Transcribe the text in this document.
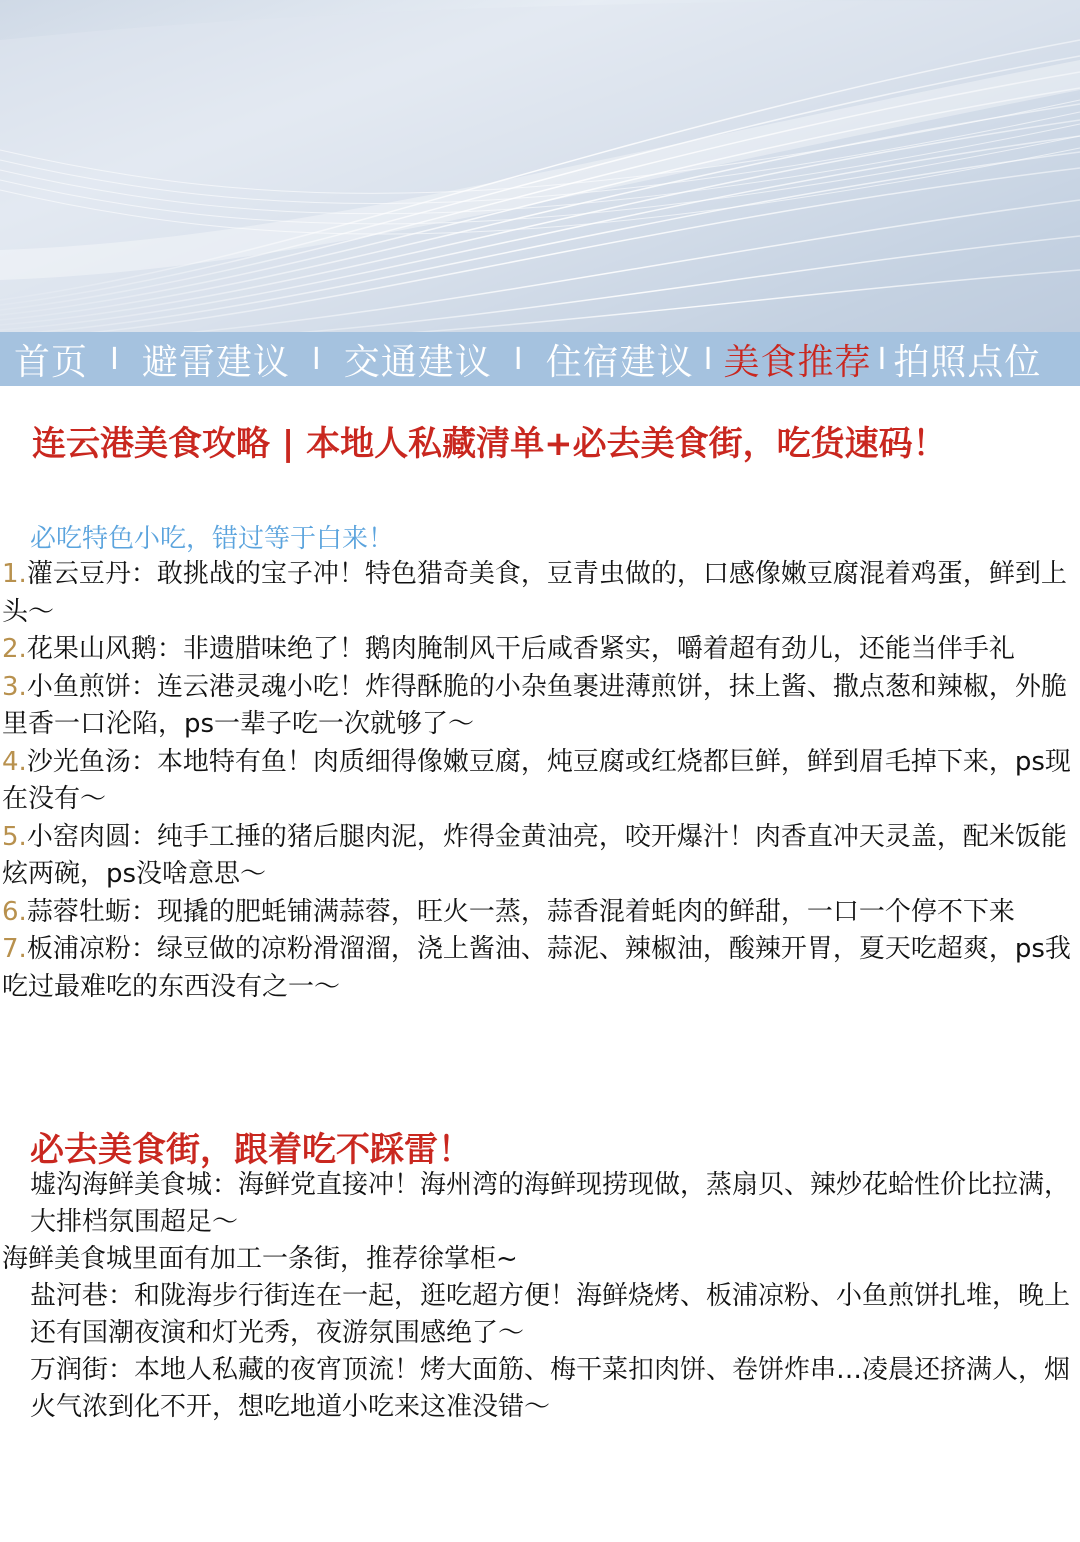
首页 I 避雷建议 I 交通建议 I 住宿建议 I 美食推荐 I 拍照点位
连云港美食攻略 | 本地人私藏清单+必去美食街，吃货速码！
必吃特色小吃，错过等于白来！

1.灌云豆丹：敢挑战的宝子冲！特色猎奇美食，豆青虫做的，口感像嫩豆腐混着鸡蛋，鲜到上头～

2.花果山风鹅：非遗腊味绝了！鹅肉腌制风干后咸香紧实，嚼着超有劲儿，还能当伴手礼

3.小鱼煎饼：连云港灵魂小吃！炸得酥脆的小杂鱼裹进薄煎饼，抹上酱、撒点葱和辣椒，外脆里香一口沦陷，ps一辈子吃一次就够了～

4.沙光鱼汤：本地特有鱼！肉质细得像嫩豆腐，炖豆腐或红烧都巨鲜，鲜到眉毛掉下来，ps现在没有～

5.小窑肉圆：纯手工捶的猪后腿肉泥，炸得金黄油亮，咬开爆汁！肉香直冲天灵盖，配米饭能炫两碗，ps没啥意思～

6.蒜蓉牡蛎：现撬的肥蚝铺满蒜蓉，旺火一蒸，蒜香混着蚝肉的鲜甜，一口一个停不下来

7.板浦凉粉：绿豆做的凉粉滑溜溜，浇上酱油、蒜泥、辣椒油，酸辣开胃，夏天吃超爽，ps我吃过最难吃的东西没有之一～

必去美食街，跟着吃不踩雷！

墟沟海鲜美食城：海鲜党直接冲！海州湾的海鲜现捞现做，蒸扇贝、辣炒花蛤性价比拉满，大排档氛围超足～

海鲜美食城里面有加工一条街，推荐徐掌柜~

盐河巷：和陇海步行街连在一起，逛吃超方便！海鲜烧烤、板浦凉粉、小鱼煎饼扎堆，晚上还有国潮夜演和灯光秀，夜游氛围感绝了～

万润街：本地人私藏的夜宵顶流！烤大面筋、梅干菜扣肉饼、卷饼炸串…凌晨还挤满人，烟火气浓到化不开，想吃地道小吃来这准没错～
